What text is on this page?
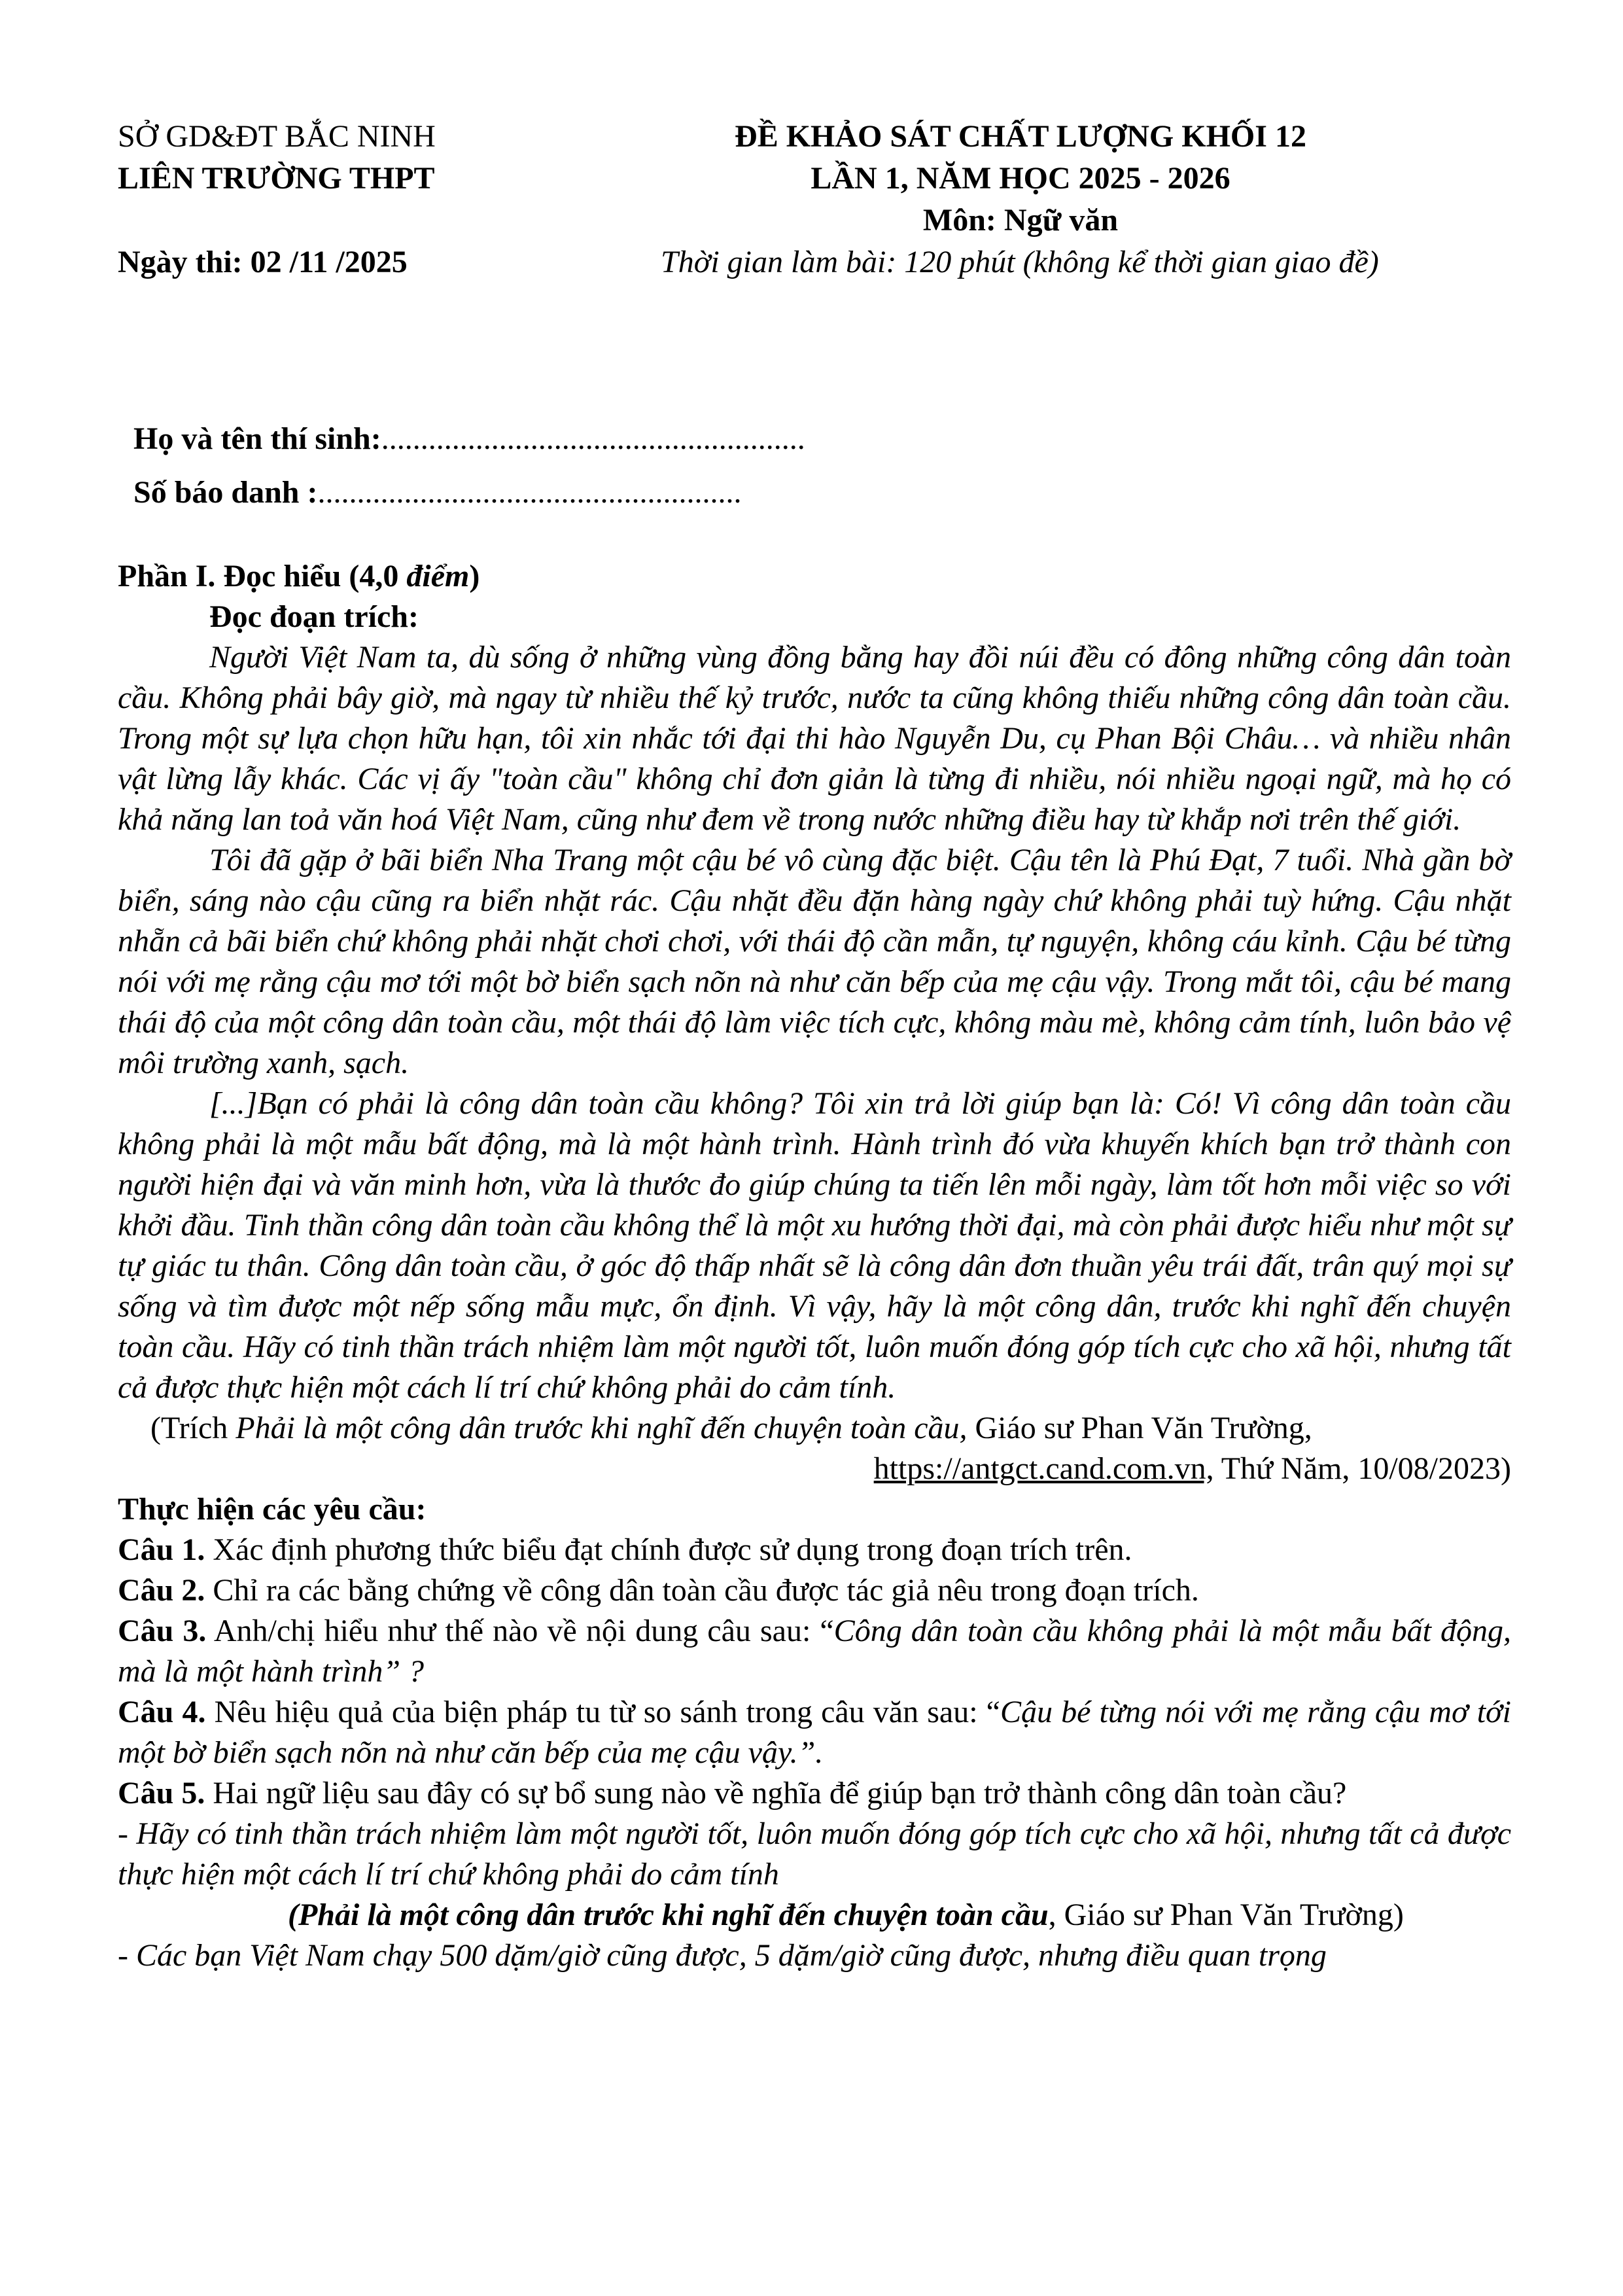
SỞ GD&ĐT BẮC NINH	ĐỀ KHẢO SÁT CHẤT LƯỢNG KHỐI 12
LIÊN TRƯỜNG THPT	LẦN 1, NĂM HỌC 2025 - 2026
Môn: Ngữ văn
Ngày thi: 02 /11 /2025	Thời gian làm bài: 120 phút (không kể thời gian giao đề)
Họ và tên thí sinh:......................................................
Số báo danh :......................................................

Phần I. Đọc hiểu (4,0 điểm)

Đọc đoạn trích:

Người Việt Nam ta, dù sống ở những vùng đồng bằng hay đồi núi đều có đông những công dân toàn cầu. Không phải bây giờ, mà ngay từ nhiều thế kỷ trước, nước ta cũng không thiếu những công dân toàn cầu. Trong một sự lựa chọn hữu hạn, tôi xin nhắc tới đại thi hào Nguyễn Du, cụ Phan Bội Châu… và nhiều nhân vật lừng lẫy khác. Các vị ấy "toàn cầu" không chỉ đơn giản là từng đi nhiều, nói nhiều ngoại ngữ, mà họ có khả năng lan toả văn hoá Việt Nam, cũng như đem về trong nước những điều hay từ khắp nơi trên thế giới.

Tôi đã gặp ở bãi biển Nha Trang một cậu bé vô cùng đặc biệt. Cậu tên là Phú Đạt, 7 tuổi. Nhà gần bờ biển, sáng nào cậu cũng ra biển nhặt rác. Cậu nhặt đều đặn hàng ngày chứ không phải tuỳ hứng. Cậu nhặt nhẵn cả bãi biển chứ không phải nhặt chơi chơi, với thái độ cần mẫn, tự nguyện, không cáu kỉnh. Cậu bé từng nói với mẹ rằng cậu mơ tới một bờ biển sạch nõn nà như căn bếp của mẹ cậu vậy. Trong mắt tôi, cậu bé mang thái độ của một công dân toàn cầu, một thái độ làm việc tích cực, không màu mè, không cảm tính, luôn bảo vệ môi trường xanh, sạch.

[...]Bạn có phải là công dân toàn cầu không? Tôi xin trả lời giúp bạn là: Có! Vì công dân toàn cầu không phải là một mẫu bất động, mà là một hành trình. Hành trình đó vừa khuyến khích bạn trở thành con người hiện đại và văn minh hơn, vừa là thước đo giúp chúng ta tiến lên mỗi ngày, làm tốt hơn mỗi việc so với khởi đầu. Tinh thần công dân toàn cầu không thể là một xu hướng thời đại, mà còn phải được hiểu như một sự tự giác tu thân. Công dân toàn cầu, ở góc độ thấp nhất sẽ là công dân đơn thuần yêu trái đất, trân quý mọi sự sống và tìm được một nếp sống mẫu mực, ổn định. Vì vậy, hãy là một công dân, trước khi nghĩ đến chuyện toàn cầu. Hãy có tinh thần trách nhiệm làm một người tốt, luôn muốn đóng góp tích cực cho xã hội, nhưng tất cả được thực hiện một cách lí trí chứ không phải do cảm tính.

(Trích Phải là một công dân trước khi nghĩ đến chuyện toàn cầu, Giáo sư Phan Văn Trường,

https://antgct.cand.com.vn, Thứ Năm, 10/08/2023)

Thực hiện các yêu cầu:

Câu 1. Xác định phương thức biểu đạt chính được sử dụng trong đoạn trích trên.

Câu 2. Chỉ ra các bằng chứng về công dân toàn cầu được tác giả nêu trong đoạn trích.

Câu 3. Anh/chị hiểu như thế nào về nội dung câu sau: “Công dân toàn cầu không phải là một mẫu bất động, mà là một hành trình” ?

Câu 4. Nêu hiệu quả của biện pháp tu từ so sánh trong câu văn sau: “Cậu bé từng nói với mẹ rằng cậu mơ tới một bờ biển sạch nõn nà như căn bếp của mẹ cậu vậy.”.

Câu 5. Hai ngữ liệu sau đây có sự bổ sung nào về nghĩa để giúp bạn trở thành công dân toàn cầu?

- Hãy có tinh thần trách nhiệm làm một người tốt, luôn muốn đóng góp tích cực cho xã hội, nhưng tất cả được thực hiện một cách lí trí chứ không phải do cảm tính

(Phải là một công dân trước khi nghĩ đến chuyện toàn cầu, Giáo sư Phan Văn Trường)

- Các bạn Việt Nam chạy 500 dặm/giờ cũng được, 5 dặm/giờ cũng được, nhưng điều quan trọng
